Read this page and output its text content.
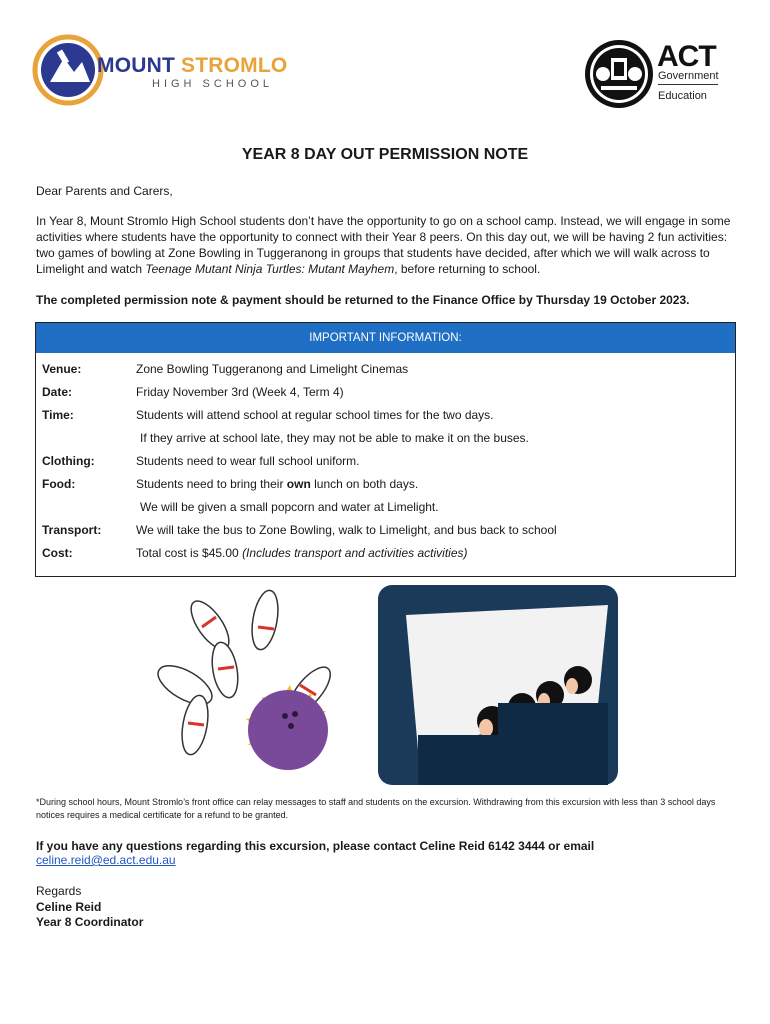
MOUNT STROMLO
HIGH SCHOOL
ACT
Government
Education
YEAR 8 DAY OUT PERMISSION NOTE
Dear Parents and Carers,
In Year 8, Mount Stromlo High School students don’t have the opportunity to go on a school camp. Instead, we will engage in some activities where students have the opportunity to connect with their Year 8 peers. On this day out, we will be having 2 fun activities: two games of bowling at Zone Bowling in Tuggeranong in groups that students have decided, after which we will walk across to Limelight and watch Teenage Mutant Ninja Turtles: Mutant Mayhem, before returning to school.
The completed permission note & payment should be returned to the Finance Office by Thursday 19 October 2023.
IMPORTANT INFORMATION:
Venue:	Zone Bowling Tuggeranong and Limelight Cinemas
Date:	Friday November 3rd (Week 4, Term 4)
Time:	Students will attend school at regular school times for the two days.
If they arrive at school late, they may not be able to make it on the buses.
Clothing:	Students need to wear full school uniform.
Food:	Students need to bring their own lunch on both days.
We will be given a small popcorn and water at Limelight.
Transport:	We will take the bus to Zone Bowling, walk to Limelight, and bus back to school
Cost:	Total cost is $45.00 (Includes transport and activities activities)
*During school hours, Mount Stromlo’s front office can relay messages to staff and students on the excursion. Withdrawing from this excursion with less than 3 school days notices requires a medical certificate for a refund to be granted.
If you have any questions regarding this excursion, please contact Celine Reid 6142 3444 or email
celine.reid@ed.act.edu.au
Regards
Celine Reid
Year 8 Coordinator
